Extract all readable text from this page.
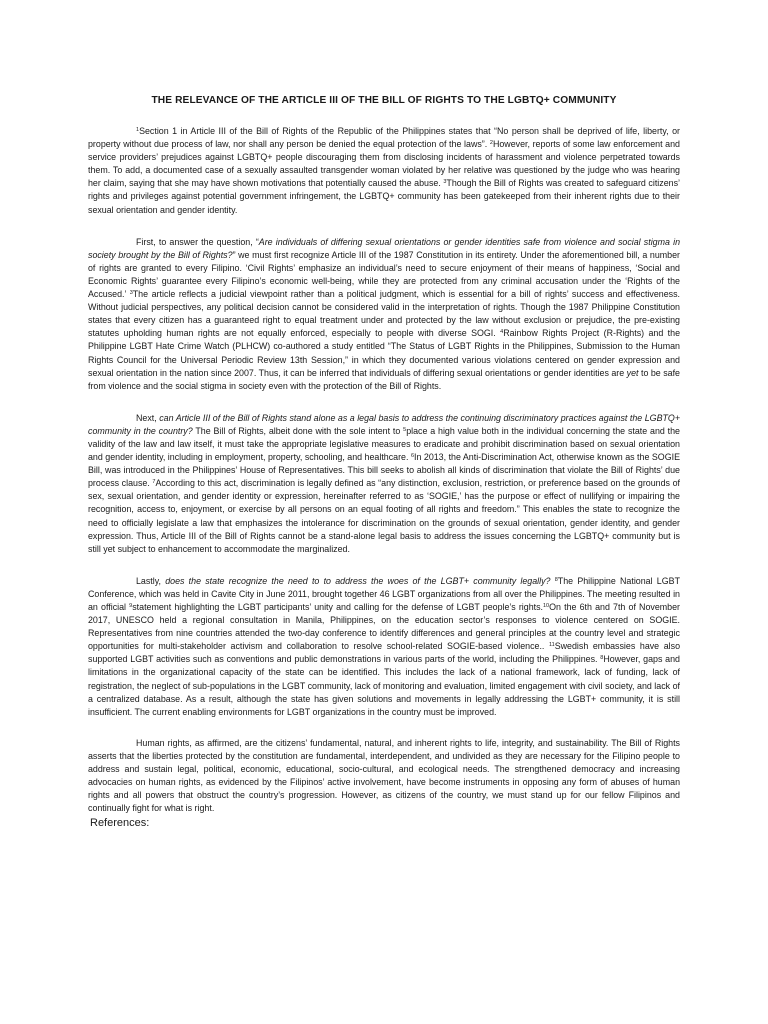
THE RELEVANCE OF THE ARTICLE III OF THE BILL OF RIGHTS TO THE LGBTQ+ COMMUNITY

$^1$Section 1 in Article III of the Bill of Rights of the Republic of the Philippines states that “No person shall be deprived of life, liberty, or property without due process of law, nor shall any person be denied the equal protection of the laws”. $^2$However, reports of some law enforcement and service providers’ prejudices against LGBTQ+ people discouraging them from disclosing incidents of harassment and violence perpetrated towards them. To add, a documented case of a sexually assaulted transgender woman violated by her relative was questioned by the judge who was hearing her claim, saying that she may have shown motivations that potentially caused the abuse. $^3$Though the Bill of Rights was created to safeguard citizens’ rights and privileges against potential government infringement, the LGBTQ+ community has been gatekeeped from their inherent rights due to their sexual orientation and gender identity.

First, to answer the question, “Are individuals of differing sexual orientations or gender identities safe from violence and social stigma in society brought by the Bill of Rights?” we must first recognize Article III of the 1987 Constitution in its entirety. Under the aforementioned bill, a number of rights are granted to every Filipino. ‘Civil Rights’ emphasize an individual’s need to secure enjoyment of their means of happiness, ‘Social and Economic Rights’ guarantee every Filipino’s economic well-being, while they are protected from any criminal accusation under the ‘Rights of the Accused.’ $^3$The article reflects a judicial viewpoint rather than a political judgment, which is essential for a bill of rights’ success and effectiveness. Without judicial perspectives, any political decision cannot be considered valid in the interpretation of rights. Though the 1987 Philippine Constitution states that every citizen has a guaranteed right to equal treatment under and protected by the law without exclusion or prejudice, the pre-existing statutes upholding human rights are not equally enforced, especially to people with diverse SOGI. $^4$Rainbow Rights Project (R-Rights) and the Philippine LGBT Hate Crime Watch (PLHCW) co-authored a study entitled “The Status of LGBT Rights in the Philippines, Submission to the Human Rights Council for the Universal Periodic Review 13th Session,” in which they documented various violations centered on gender expression and sexual orientation in the nation since 2007. Thus, it can be inferred that individuals of differing sexual orientations or gender identities are yet to be safe from violence and the social stigma in society even with the protection of the Bill of Rights.

Next, can Article III of the Bill of Rights stand alone as a legal basis to address the continuing discriminatory practices against the LGBTQ+ community in the country? The Bill of Rights, albeit done with the sole intent to $^5$place a high value both in the individual concerning the state and the validity of the law and law itself, it must take the appropriate legislative measures to eradicate and prohibit discrimination based on sexual orientation and gender identity, including in employment, property, schooling, and healthcare. $^6$In 2013, the Anti-Discrimination Act, otherwise known as the SOGIE Bill, was introduced in the Philippines’ House of Representatives. This bill seeks to abolish all kinds of discrimination that violate the Bill of Rights’ due process clause. $^7$According to this act, discrimination is legally defined as “any distinction, exclusion, restriction, or preference based on the grounds of sex, sexual orientation, and gender identity or expression, hereinafter referred to as ‘SOGIE,’ has the purpose or effect of nullifying or impairing the recognition, access to, enjoyment, or exercise by all persons on an equal footing of all rights and freedom.” This enables the state to recognize the need to officially legislate a law that emphasizes the intolerance for discrimination on the grounds of sexual orientation, gender identity, and gender expression. Thus, Article III of the Bill of Rights cannot be a stand-alone legal basis to address the issues concerning the LGBTQ+ community but is still yet subject to enhancement to accommodate the marginalized.

Lastly, does the state recognize the need to to address the woes of the LGBT+ community legally? $^8$The Philippine National LGBT Conference, which was held in Cavite City in June 2011, brought together 46 LGBT organizations from all over the Philippines. The meeting resulted in an official $^9$statement highlighting the LGBT participants’ unity and calling for the defense of LGBT people’s rights.$^{10}$On the 6th and 7th of November 2017, UNESCO held a regional consultation in Manila, Philippines, on the education sector’s responses to violence centered on SOGIE. Representatives from nine countries attended the two-day conference to identify differences and general principles at the country level and strategic opportunities for multi-stakeholder activism and collaboration to resolve school-related SOGIE-based violence.. $^{11}$Swedish embassies have also supported LGBT activities such as conventions and public demonstrations in various parts of the world, including the Philippines. $^8$However, gaps and limitations in the organizational capacity of the state can be identified. This includes the lack of a national framework, lack of funding, lack of registration, the neglect of sub-populations in the LGBT community, lack of monitoring and evaluation, limited engagement with civil society, and lack of a centralized database. As a result, although the state has given solutions and movements in legally addressing the LGBT+ community, it is still insufficient. The current enabling environments for LGBT organizations in the country must be improved.

Human rights, as affirmed, are the citizens’ fundamental, natural, and inherent rights to life, integrity, and sustainability. The Bill of Rights asserts that the liberties protected by the constitution are fundamental, interdependent, and undivided as they are necessary for the Filipino people to address and sustain legal, political, economic, educational, socio-cultural, and ecological needs. The strengthened democracy and increasing advocacies on human rights, as evidenced by the Filipinos’ active involvement, have become instruments in opposing any form of abuses of human rights and all powers that obstruct the country’s progression. However, as citizens of the country, we must stand up for our fellow Filipinos and continually fight for what is right.

References:
